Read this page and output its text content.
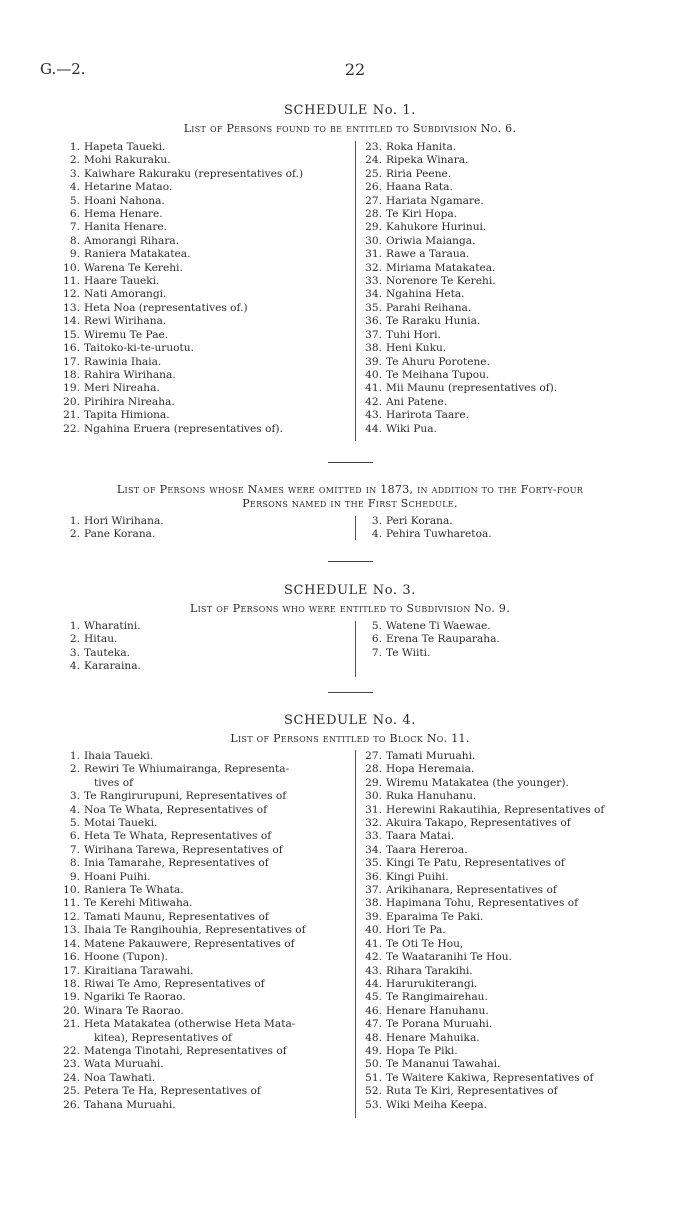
G.—2.	22
SCHEDULE No. 1.
List of Persons found to be entitled to Subdivision No. 6.
1. Hapeta Taueki.
2. Mohi Rakuraku.
3. Kaiwhare Rakuraku (representatives of.)
4. Hetarine Matao.
5. Hoani Nahona.
6. Hema Henare.
7. Hanita Henare.
8. Amorangi Rihara.
9. Raniera Matakatea.
10. Warena Te Kerehi.
11. Haare Taueki.
12. Nati Amorangi.
13. Heta Noa (representatives of.)
14. Rewi Wirihana.
15. Wiremu Te Pae.
16. Taitoko-ki-te-uruotu.
17. Rawinia Ihaia.
18. Rahira Wirihana.
19. Meri Nireaha.
20. Pirihira Nireaha.
21. Tapita Himiona.
22. Ngahina Eruera (representatives of).
23. Roka Hanita.
24. Ripeka Winara.
25. Riria Peene.
26. Haana Rata.
27. Hariata Ngamare.
28. Te Kiri Hopa.
29. Kahukore Hurinui.
30. Oriwia Maianga.
31. Rawe a Taraua.
32. Miriama Matakatea.
33. Norenore Te Kerehi.
34. Ngahina Heta.
35. Parahi Reihana.
36. Te Raraku Hunia.
37. Tuhi Hori.
38. Heni Kuku.
39. Te Ahuru Porotene.
40. Te Meihana Tupou.
41. Mii Maunu (representatives of).
42. Ani Patene.
43. Harirota Taare.
44. Wiki Pua.
List of Persons whose Names were omitted in 1873, in addition to the Forty-four
Persons named in the First Schedule.
1. Hori Wirihana.
2. Pane Korana.
3. Peri Korana.
4. Pehira Tuwharetoa.
SCHEDULE No. 3.
List of Persons who were entitled to Subdivision No. 9.
1. Wharatini.
2. Hitau.
3. Tauteka.
4. Kararaina.
5. Watene Ti Waewae.
6. Erena Te Rauparaha.
7. Te Wiiti.
SCHEDULE No. 4.
List of Persons entitled to Block No. 11.
1. Ihaia Taueki.
2. Rewiri Te Whiumairanga, Representa-
tives of
3. Te Rangirurupuni, Representatives of
4. Noa Te Whata, Representatives of
5. Motai Taueki.
6. Heta Te Whata, Representatives of
7. Wirihana Tarewa, Representatives of
8. Inia Tamarahe, Representatives of
9. Hoani Puihi.
10. Raniera Te Whata.
11. Te Kerehi Mitiwaha.
12. Tamati Maunu, Representatives of
13. Ihaia Te Rangihouhia, Representatives of
14. Matene Pakauwere, Representatives of
16. Hoone (Tupon).
17. Kiraitiana Tarawahi.
18. Riwai Te Amo, Representatives of
19. Ngariki Te Raorao.
20. Winara Te Raorao.
21. Heta Matakatea (otherwise Heta Mata-
kitea), Representatives of
22. Matenga Tinotahi, Representatives of
23. Wata Muruahi.
24. Noa Tawhati.
25. Petera Te Ha, Representatives of
26. Tahana Muruahi.
27. Tamati Muruahi.
28. Hopa Heremaia.
29. Wiremu Matakatea (the younger).
30. Ruka Hanuhanu.
31. Herewini Rakautihia, Representatives of
32. Akuira Takapo, Representatives of
33. Taara Matai.
34. Taara Hereroa.
35. Kingi Te Patu, Representatives of
36. Kingi Puihi.
37. Arikihanara, Representatives of
38. Hapimana Tohu, Representatives of
39. Eparaima Te Paki.
40. Hori Te Pa.
41. Te Oti Te Hou,
42. Te Waataranihi Te Hou.
43. Rihara Tarakihi.
44. Harurukiterangi.
45. Te Rangimairehau.
46. Henare Hanuhanu.
47. Te Porana Muruahi.
48. Henare Mahuika.
49. Hopa Te Piki.
50. Te Mananui Tawahai.
51. Te Waitere Kakiwa, Representatives of
52. Ruta Te Kiri, Representatives of
53. Wiki Meiha Keepa.
